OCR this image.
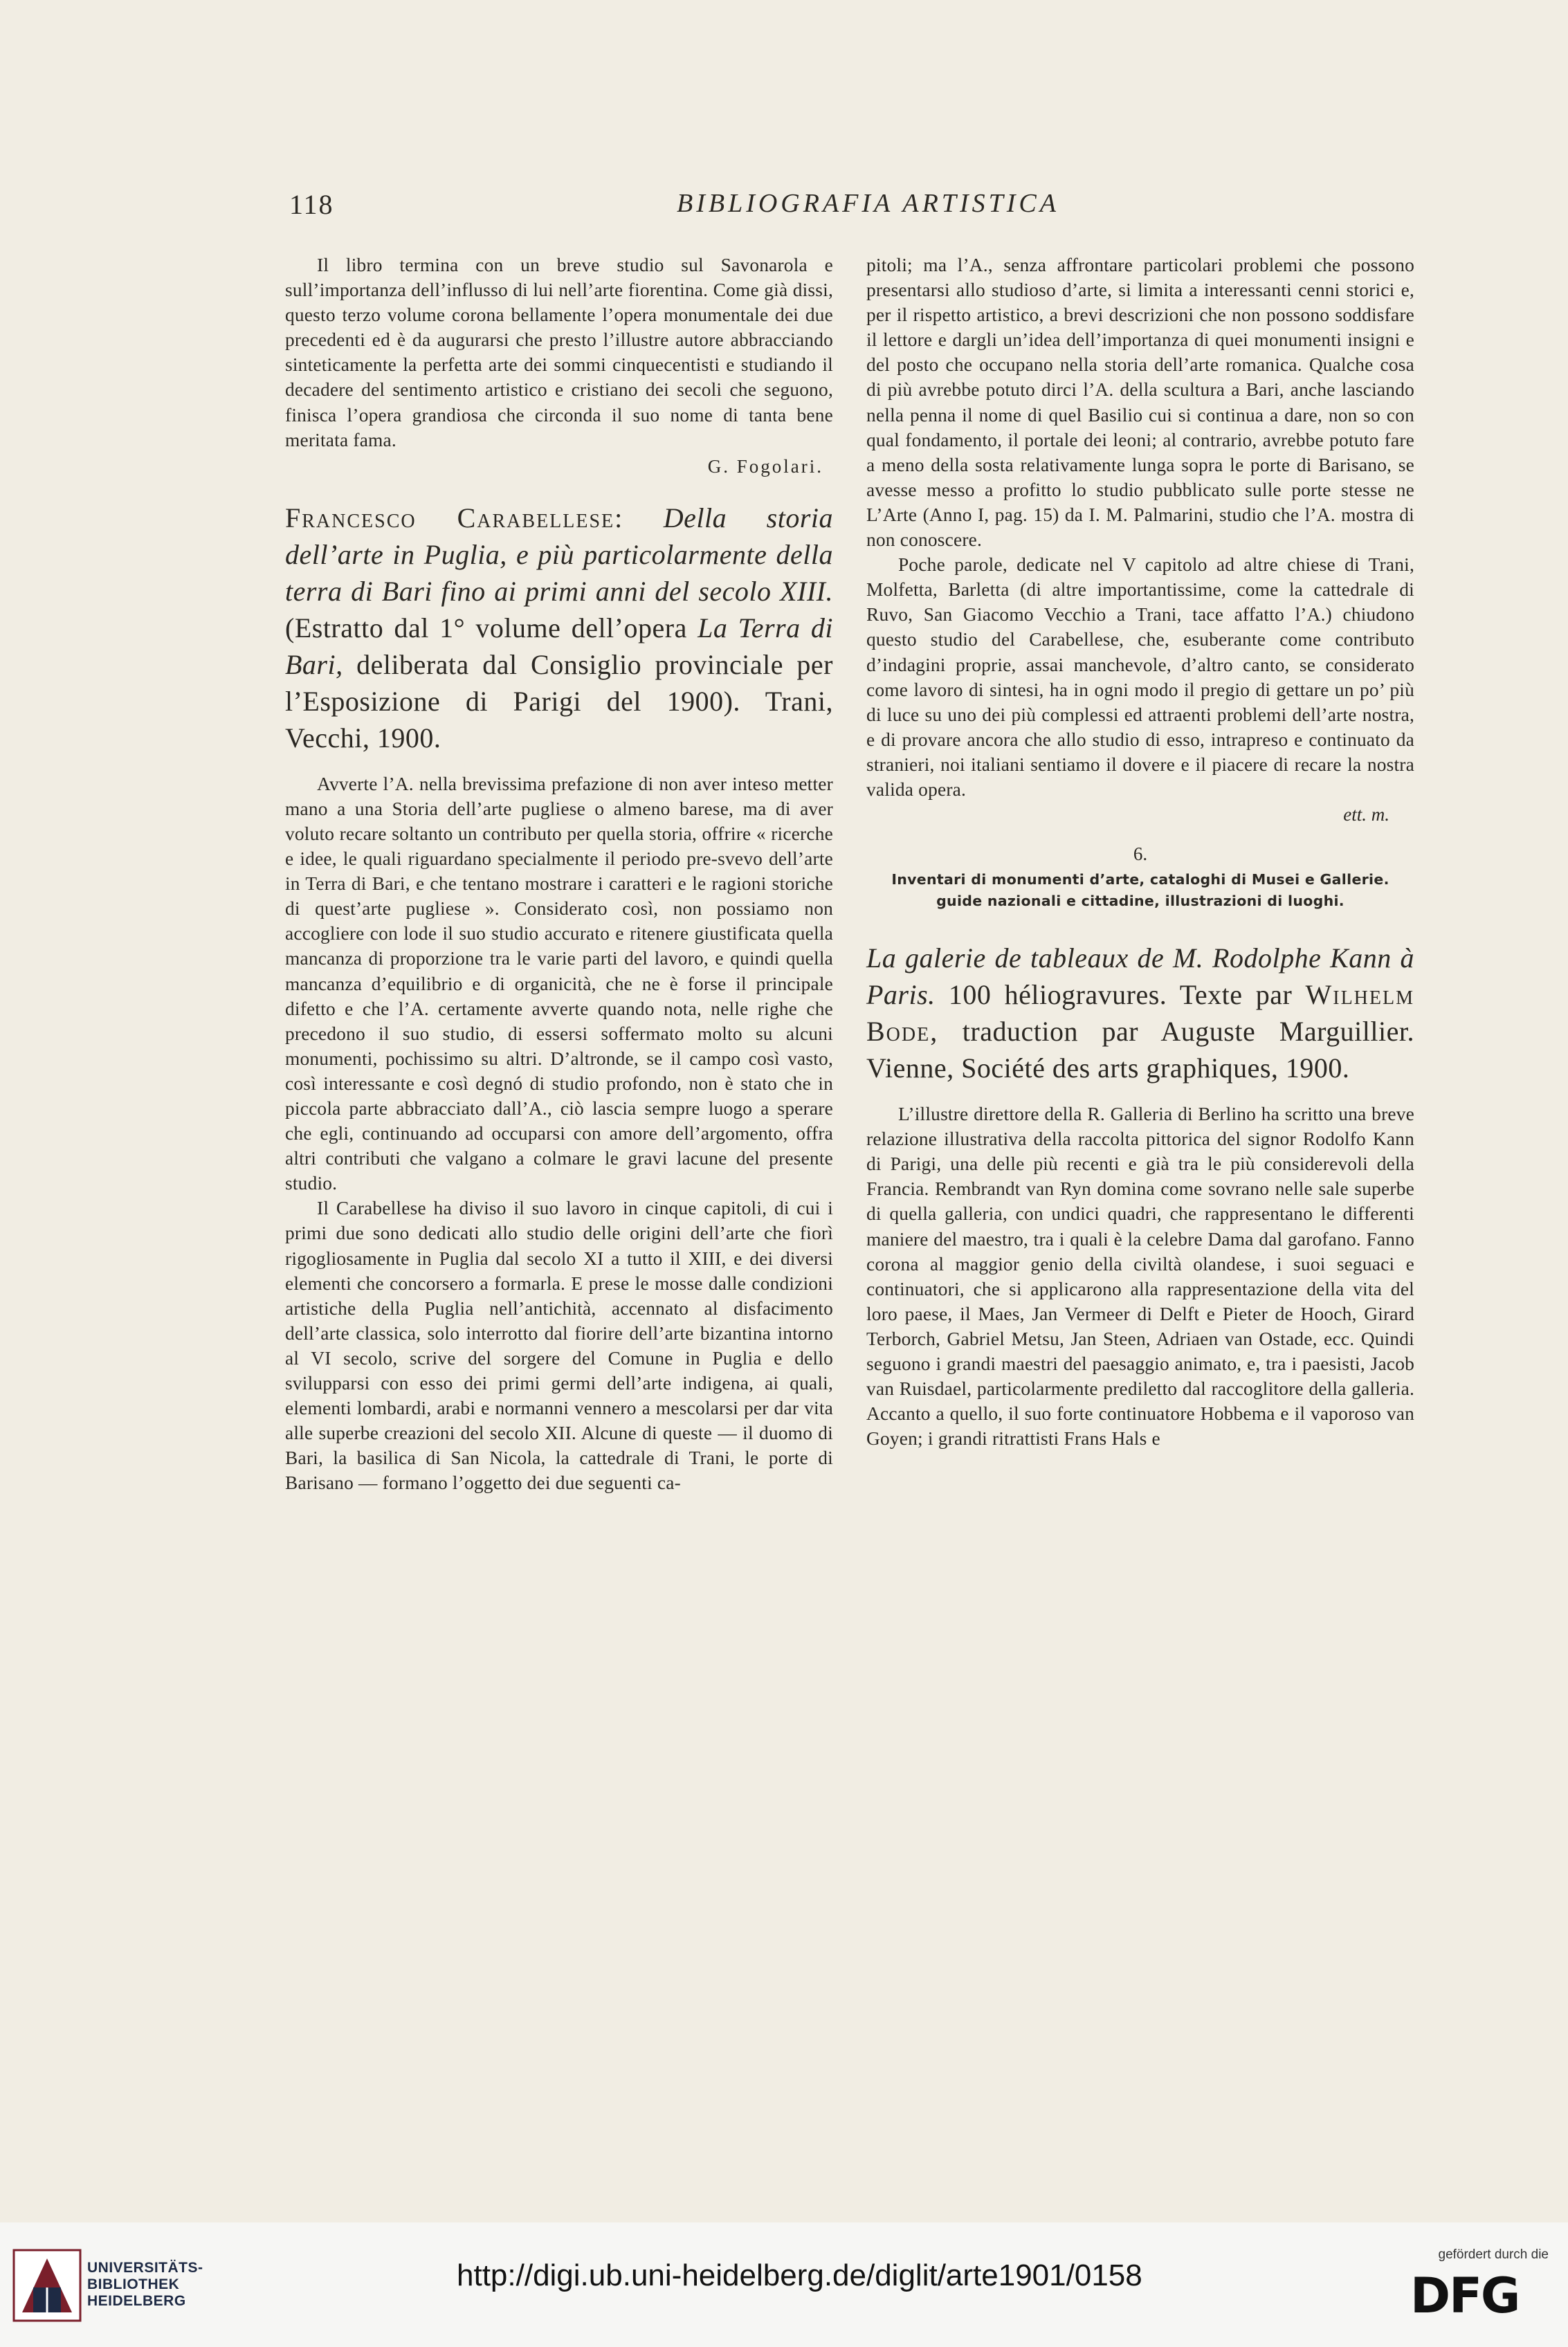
118	BIBLIOGRAFIA ARTISTICA

Il libro termina con un breve studio sul Savonarola e sull’importanza dell’influsso di lui nell’arte fiorentina. Come già dissi, questo terzo volume corona bellamente l’opera monumentale dei due precedenti ed è da augurarsi che presto l’illustre autore abbracciando sinteticamente la perfetta arte dei sommi cinquecentisti e studiando il decadere del sentimento artistico e cristiano dei secoli che seguono, finisca l’opera grandiosa che circonda il suo nome di tanta bene meritata fama.

G. Fogolari.
Francesco Carabellese: Della storia dell’arte in Puglia, e più particolarmente della terra di Bari fino ai primi anni del secolo XIII. (Estratto dal 1° volume dell’opera La Terra di Bari, deliberata dal Consiglio provinciale per l’Esposizione di Parigi del 1900). Trani, Vecchi, 1900.

Avverte l’A. nella brevissima prefazione di non aver inteso metter mano a una Storia dell’arte pugliese o almeno barese, ma di aver voluto recare soltanto un contributo per quella storia, offrire « ricerche e idee, le quali riguardano specialmente il periodo pre-svevo dell’arte in Terra di Bari, e che tentano mostrare i caratteri e le ragioni storiche di quest’arte pugliese ». Considerato così, non possiamo non accogliere con lode il suo studio accurato e ritenere giustificata quella mancanza di proporzione tra le varie parti del lavoro, e quindi quella mancanza d’equilibrio e di organicità, che ne è forse il principale difetto e che l’A. certamente avverte quando nota, nelle righe che precedono il suo studio, di essersi soffermato molto su alcuni monumenti, pochissimo su altri. D’altronde, se il campo così vasto, così interessante e così degnó di studio profondo, non è stato che in piccola parte abbracciato dall’A., ciò lascia sempre luogo a sperare che egli, continuando ad occuparsi con amore dell’argomento, offra altri contributi che valgano a colmare le gravi lacune del presente studio.

Il Carabellese ha diviso il suo lavoro in cinque capitoli, di cui i primi due sono dedicati allo studio delle origini dell’arte che fiorì rigogliosamente in Puglia dal secolo XI a tutto il XIII, e dei diversi elementi che concorsero a formarla. E prese le mosse dalle condizioni artistiche della Puglia nell’antichità, accennato al disfacimento dell’arte classica, solo interrotto dal fiorire dell’arte bizantina intorno al VI secolo, scrive del sorgere del Comune in Puglia e dello svilupparsi con esso dei primi germi dell’arte indigena, ai quali, elementi lombardi, arabi e normanni vennero a mescolarsi per dar vita alle superbe creazioni del secolo XII. Alcune di queste — il duomo di Bari, la basilica di San Nicola, la cattedrale di Trani, le porte di Barisano — formano l’oggetto dei due seguenti ca-

pitoli; ma l’A., senza affrontare particolari problemi che possono presentarsi allo studioso d’arte, si limita a interessanti cenni storici e, per il rispetto artistico, a brevi descrizioni che non possono soddisfare il lettore e dargli un’idea dell’importanza di quei monumenti insigni e del posto che occupano nella storia dell’arte romanica. Qualche cosa di più avrebbe potuto dirci l’A. della scultura a Bari, anche lasciando nella penna il nome di quel Basilio cui si continua a dare, non so con qual fondamento, il portale dei leoni; al contrario, avrebbe potuto fare a meno della sosta relativamente lunga sopra le porte di Barisano, se avesse messo a profitto lo studio pubblicato sulle porte stesse ne L’Arte (Anno I, pag. 15) da I. M. Palmarini, studio che l’A. mostra di non conoscere.

Poche parole, dedicate nel V capitolo ad altre chiese di Trani, Molfetta, Barletta (di altre importantissime, come la cattedrale di Ruvo, San Giacomo Vecchio a Trani, tace affatto l’A.) chiudono questo studio del Carabellese, che, esuberante come contributo d’indagini proprie, assai manchevole, d’altro canto, se considerato come lavoro di sintesi, ha in ogni modo il pregio di gettare un po’ più di luce su uno dei più complessi ed attraenti problemi dell’arte nostra, e di provare ancora che allo studio di esso, intrapreso e continuato da stranieri, noi italiani sentiamo il dovere e il piacere di recare la nostra valida opera.

ett. m.
6.
Inventari di monumenti d’arte, cataloghi di Musei e Gallerie.
guide nazionali e cittadine, illustrazioni di luoghi.
La galerie de tableaux de M. Rodolphe Kann à Paris. 100 héliogravures. Texte par Wilhelm Bode, traduction par Auguste Marguillier. Vienne, Société des arts graphiques, 1900.

L’illustre direttore della R. Galleria di Berlino ha scritto una breve relazione illustrativa della raccolta pittorica del signor Rodolfo Kann di Parigi, una delle più recenti e già tra le più considerevoli della Francia. Rembrandt van Ryn domina come sovrano nelle sale superbe di quella galleria, con undici quadri, che rappresentano le differenti maniere del maestro, tra i quali è la celebre Dama dal garofano. Fanno corona al maggior genio della civiltà olandese, i suoi seguaci e continuatori, che si applicarono alla rappresentazione della vita del loro paese, il Maes, Jan Vermeer di Delft e Pieter de Hooch, Girard Terborch, Gabriel Metsu, Jan Steen, Adriaen van Ostade, ecc. Quindi seguono i grandi maestri del paesaggio animato, e, tra i paesisti, Jacob van Ruisdael, particolarmente prediletto dal raccoglitore della galleria. Accanto a quello, il suo forte continuatore Hobbema e il vaporoso van Goyen; i grandi ritrattisti Frans Hals e

UNIVERSITÄTS-
BIBLIOTHEK
HEIDELBERG
http://digi.ub.uni-heidelberg.de/diglit/arte1901/0158
gefördert durch die
DFG
